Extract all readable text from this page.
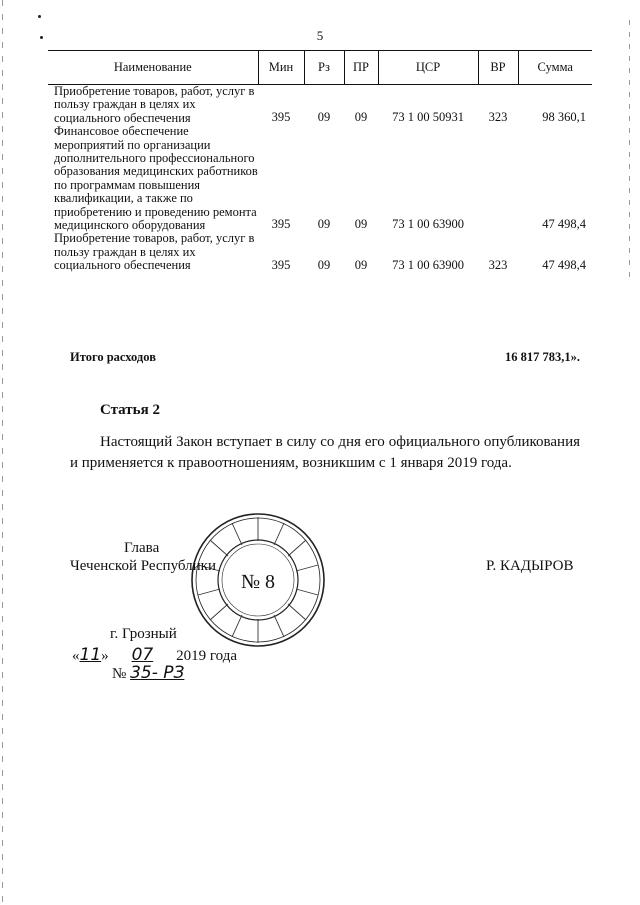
5
Наименование	Мин	Рз	ПР	ЦСР	ВР	Сумма
Приобретение товаров, работ, услуг в пользу граждан в целях их социального обеспечения	395	09	09	73 1 00 50931	323	98 360,1
Финансовое обеспечение мероприятий по организации дополнительного профессионального образования медицинских работников по программам повышения квалификации, а также по приобретению и проведению ремонта медицинского оборудования	395	09	09	73 1 00 63900		47 498,4
Приобретение товаров, работ, услуг в пользу граждан в целях их социального обеспечения	395	09	09	73 1 00 63900	323	47 498,4
Итого расходов	16 817 783,1».
Статья 2
Настоящий Закон вступает в силу со дня его официального опубликования и применяется к правоотношениям, возникшим с 1 января 2019 года.
№ 8
Глава
Чеченской Республики	Р. КАДЫРОВ
г. Грозный
«11» 07 2019 года
№ 35- РЗ
